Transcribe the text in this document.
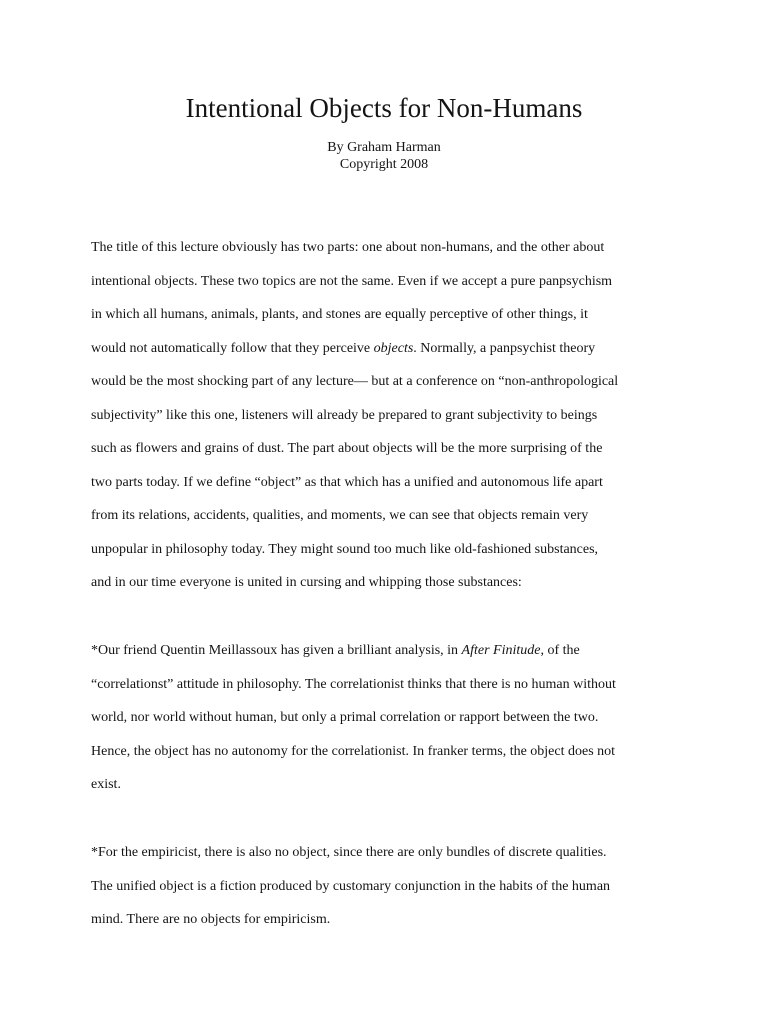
Intentional Objects for Non-Humans
By Graham Harman
Copyright 2008
The title of this lecture obviously has two parts: one about non-humans, and the other about
intentional objects. These two topics are not the same. Even if we accept a pure panpsychism
in which all humans, animals, plants, and stones are equally perceptive of other things, it
would not automatically follow that they perceive objects. Normally, a panpsychist theory
would be the most shocking part of any lecture— but at a conference on “non-anthropological
subjectivity” like this one, listeners will already be prepared to grant subjectivity to beings
such as flowers and grains of dust. The part about objects will be the more surprising of the
two parts today. If we define “object” as that which has a unified and autonomous life apart
from its relations, accidents, qualities, and moments, we can see that objects remain very
unpopular in philosophy today. They might sound too much like old-fashioned substances,
and in our time everyone is united in cursing and whipping those substances:
*Our friend Quentin Meillassoux has given a brilliant analysis, in After Finitude, of the
“correlationst” attitude in philosophy. The correlationist thinks that there is no human without
world, nor world without human, but only a primal correlation or rapport between the two.
Hence, the object has no autonomy for the correlationist. In franker terms, the object does not
exist.
*For the empiricist, there is also no object, since there are only bundles of discrete qualities.
The unified object is a fiction produced by customary conjunction in the habits of the human
mind. There are no objects for empiricism.
